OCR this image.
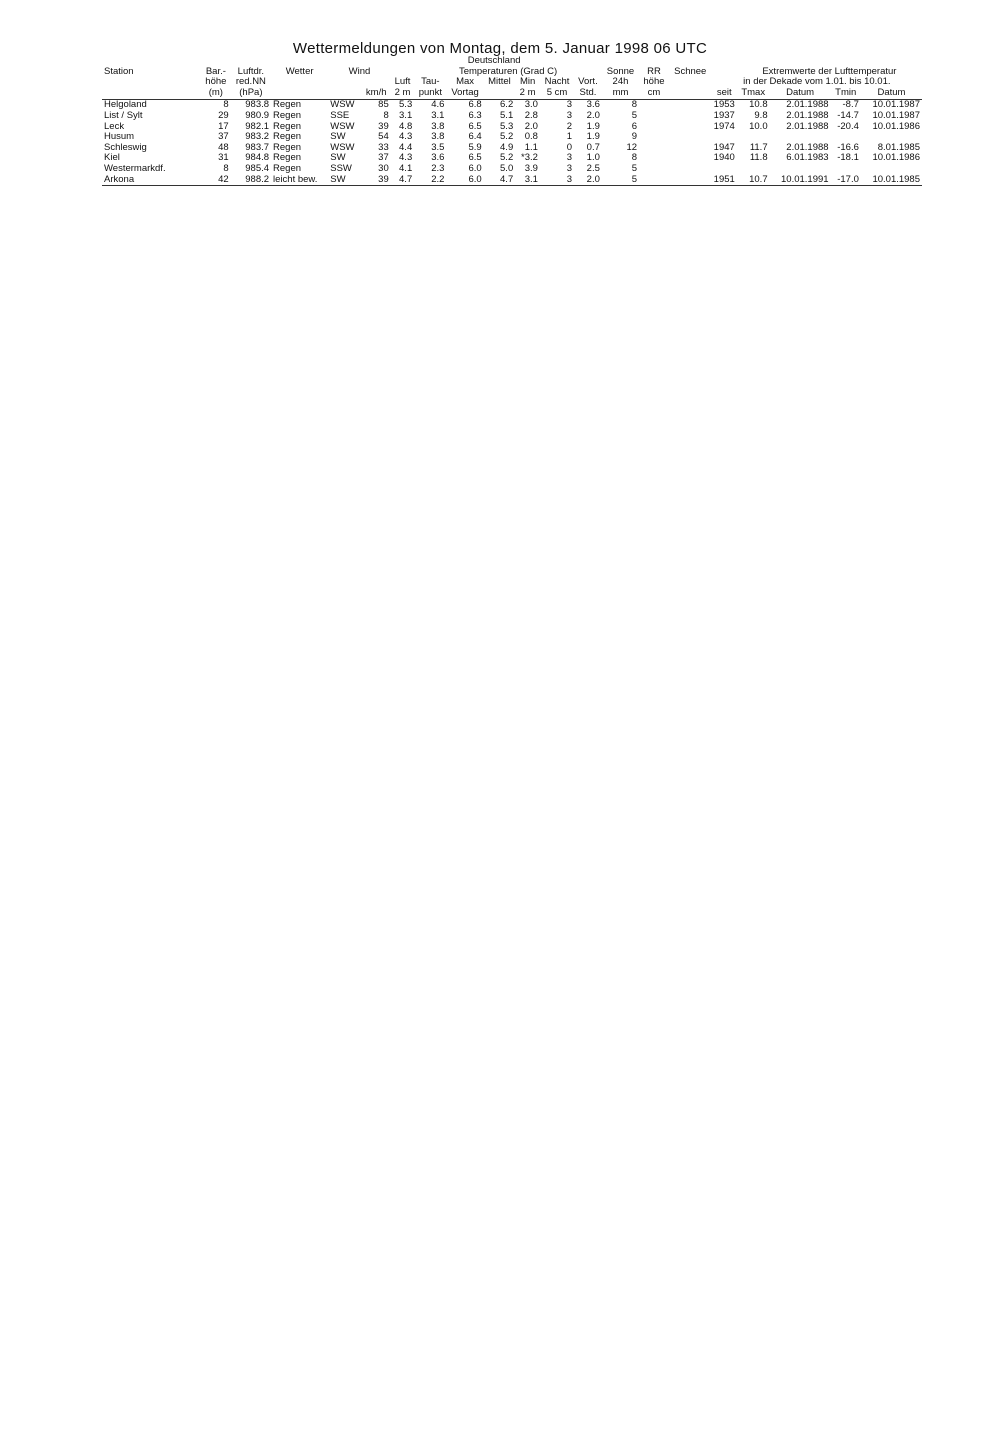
Wettermeldungen von Montag, dem 5. Januar 1998 06 UTC
							Deutschland													
Station	Bar.-	Luftdr.	Wetter	Wind			Temperaturen (Grad C)						Sonne	RR	Schnee		Extremwerte der Lufttemperatur			
	höhe	red.NN				Luft	Tau-	Max	Mittel	Min	Nacht	Vort.	24h	höhe		in der Dekade vom 1.01. bis 10.01.				
	(m)	(hPa)			km/h	2 m	punkt	Vortag		2 m	5 cm	Std.	mm	cm		seit	Tmax	Datum	Tmin	Datum
Helgoland	8	983.8	Regen	WSW	85	5.3	4.6	6.8	6.2	3.0	3	3.6	8			1953	10.8	2.01.1988	-8.7	10.01.1987
List / Sylt	29	980.9	Regen	SSE	8	3.1	3.1	6.3	5.1	2.8	3	2.0	5			1937	9.8	2.01.1988	-14.7	10.01.1987
Leck	17	982.1	Regen	WSW	39	4.8	3.8	6.5	5.3	2.0	2	1.9	6			1974	10.0	2.01.1988	-20.4	10.01.1986
Husum	37	983.2	Regen	SW	54	4.3	3.8	6.4	5.2	0.8	1	1.9	9							
Schleswig	48	983.7	Regen	WSW	33	4.4	3.5	5.9	4.9	1.1	0	0.7	12			1947	11.7	2.01.1988	-16.6	8.01.1985
Kiel	31	984.8	Regen	SW	37	4.3	3.6	6.5	5.2	*3.2	3	1.0	8			1940	11.8	6.01.1983	-18.1	10.01.1986
Westermarkdf.	8	985.4	Regen	SSW	30	4.1	2.3	6.0	5.0	3.9	3	2.5	5							
Arkona	42	988.2	leicht bew.	SW	39	4.7	2.2	6.0	4.7	3.1	3	2.0	5			1951	10.7	10.01.1991	-17.0	10.01.1985
